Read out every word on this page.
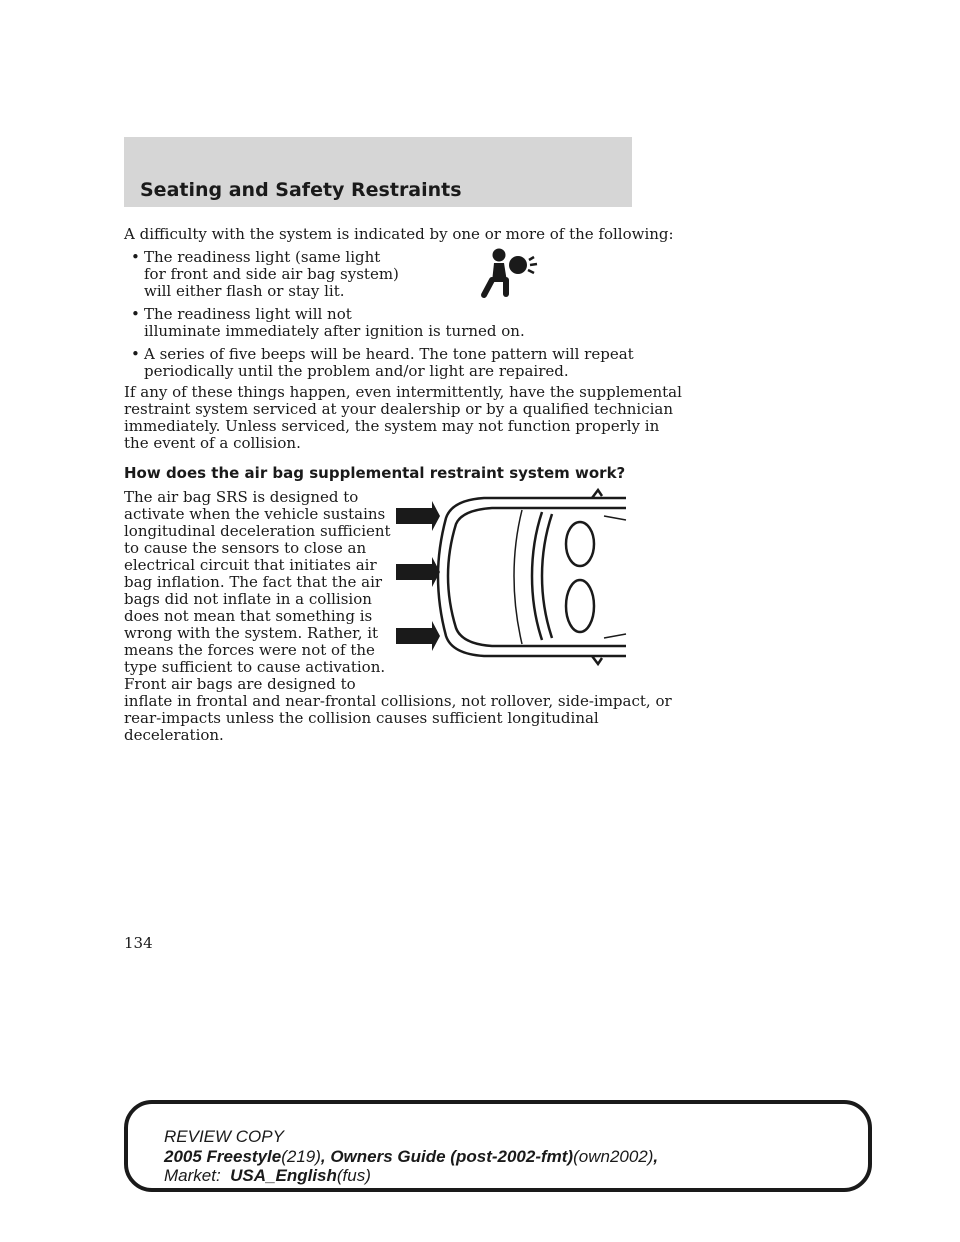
Seating and Safety Restraints
A difficulty with the system is indicated by one or more of the following:
• The readiness light (same light
for front and side air bag system)
will either flash or stay lit.
• The readiness light will not
illuminate immediately after ignition is turned on.
• A series of five beeps will be heard. The tone pattern will repeat
periodically until the problem and/or light are repaired.
If any of these things happen, even intermittently, have the supplemental
restraint system serviced at your dealership or by a qualified technician
immediately. Unless serviced, the system may not function properly in
the event of a collision.
How does the air bag supplemental restraint system work?
The air bag SRS is designed to
activate when the vehicle sustains
longitudinal deceleration sufficient
to cause the sensors to close an
electrical circuit that initiates air
bag inflation. The fact that the air
bags did not inflate in a collision
does not mean that something is
wrong with the system. Rather, it
means the forces were not of the
type sufficient to cause activation.
Front air bags are designed to
inflate in frontal and near-frontal collisions, not rollover, side-impact, or
rear-impacts unless the collision causes sufficient longitudinal
deceleration.
134
REVIEW COPY
2005 Freestyle(219), Owners Guide (post-2002-fmt)(own2002),
Market: USA_English(fus)
